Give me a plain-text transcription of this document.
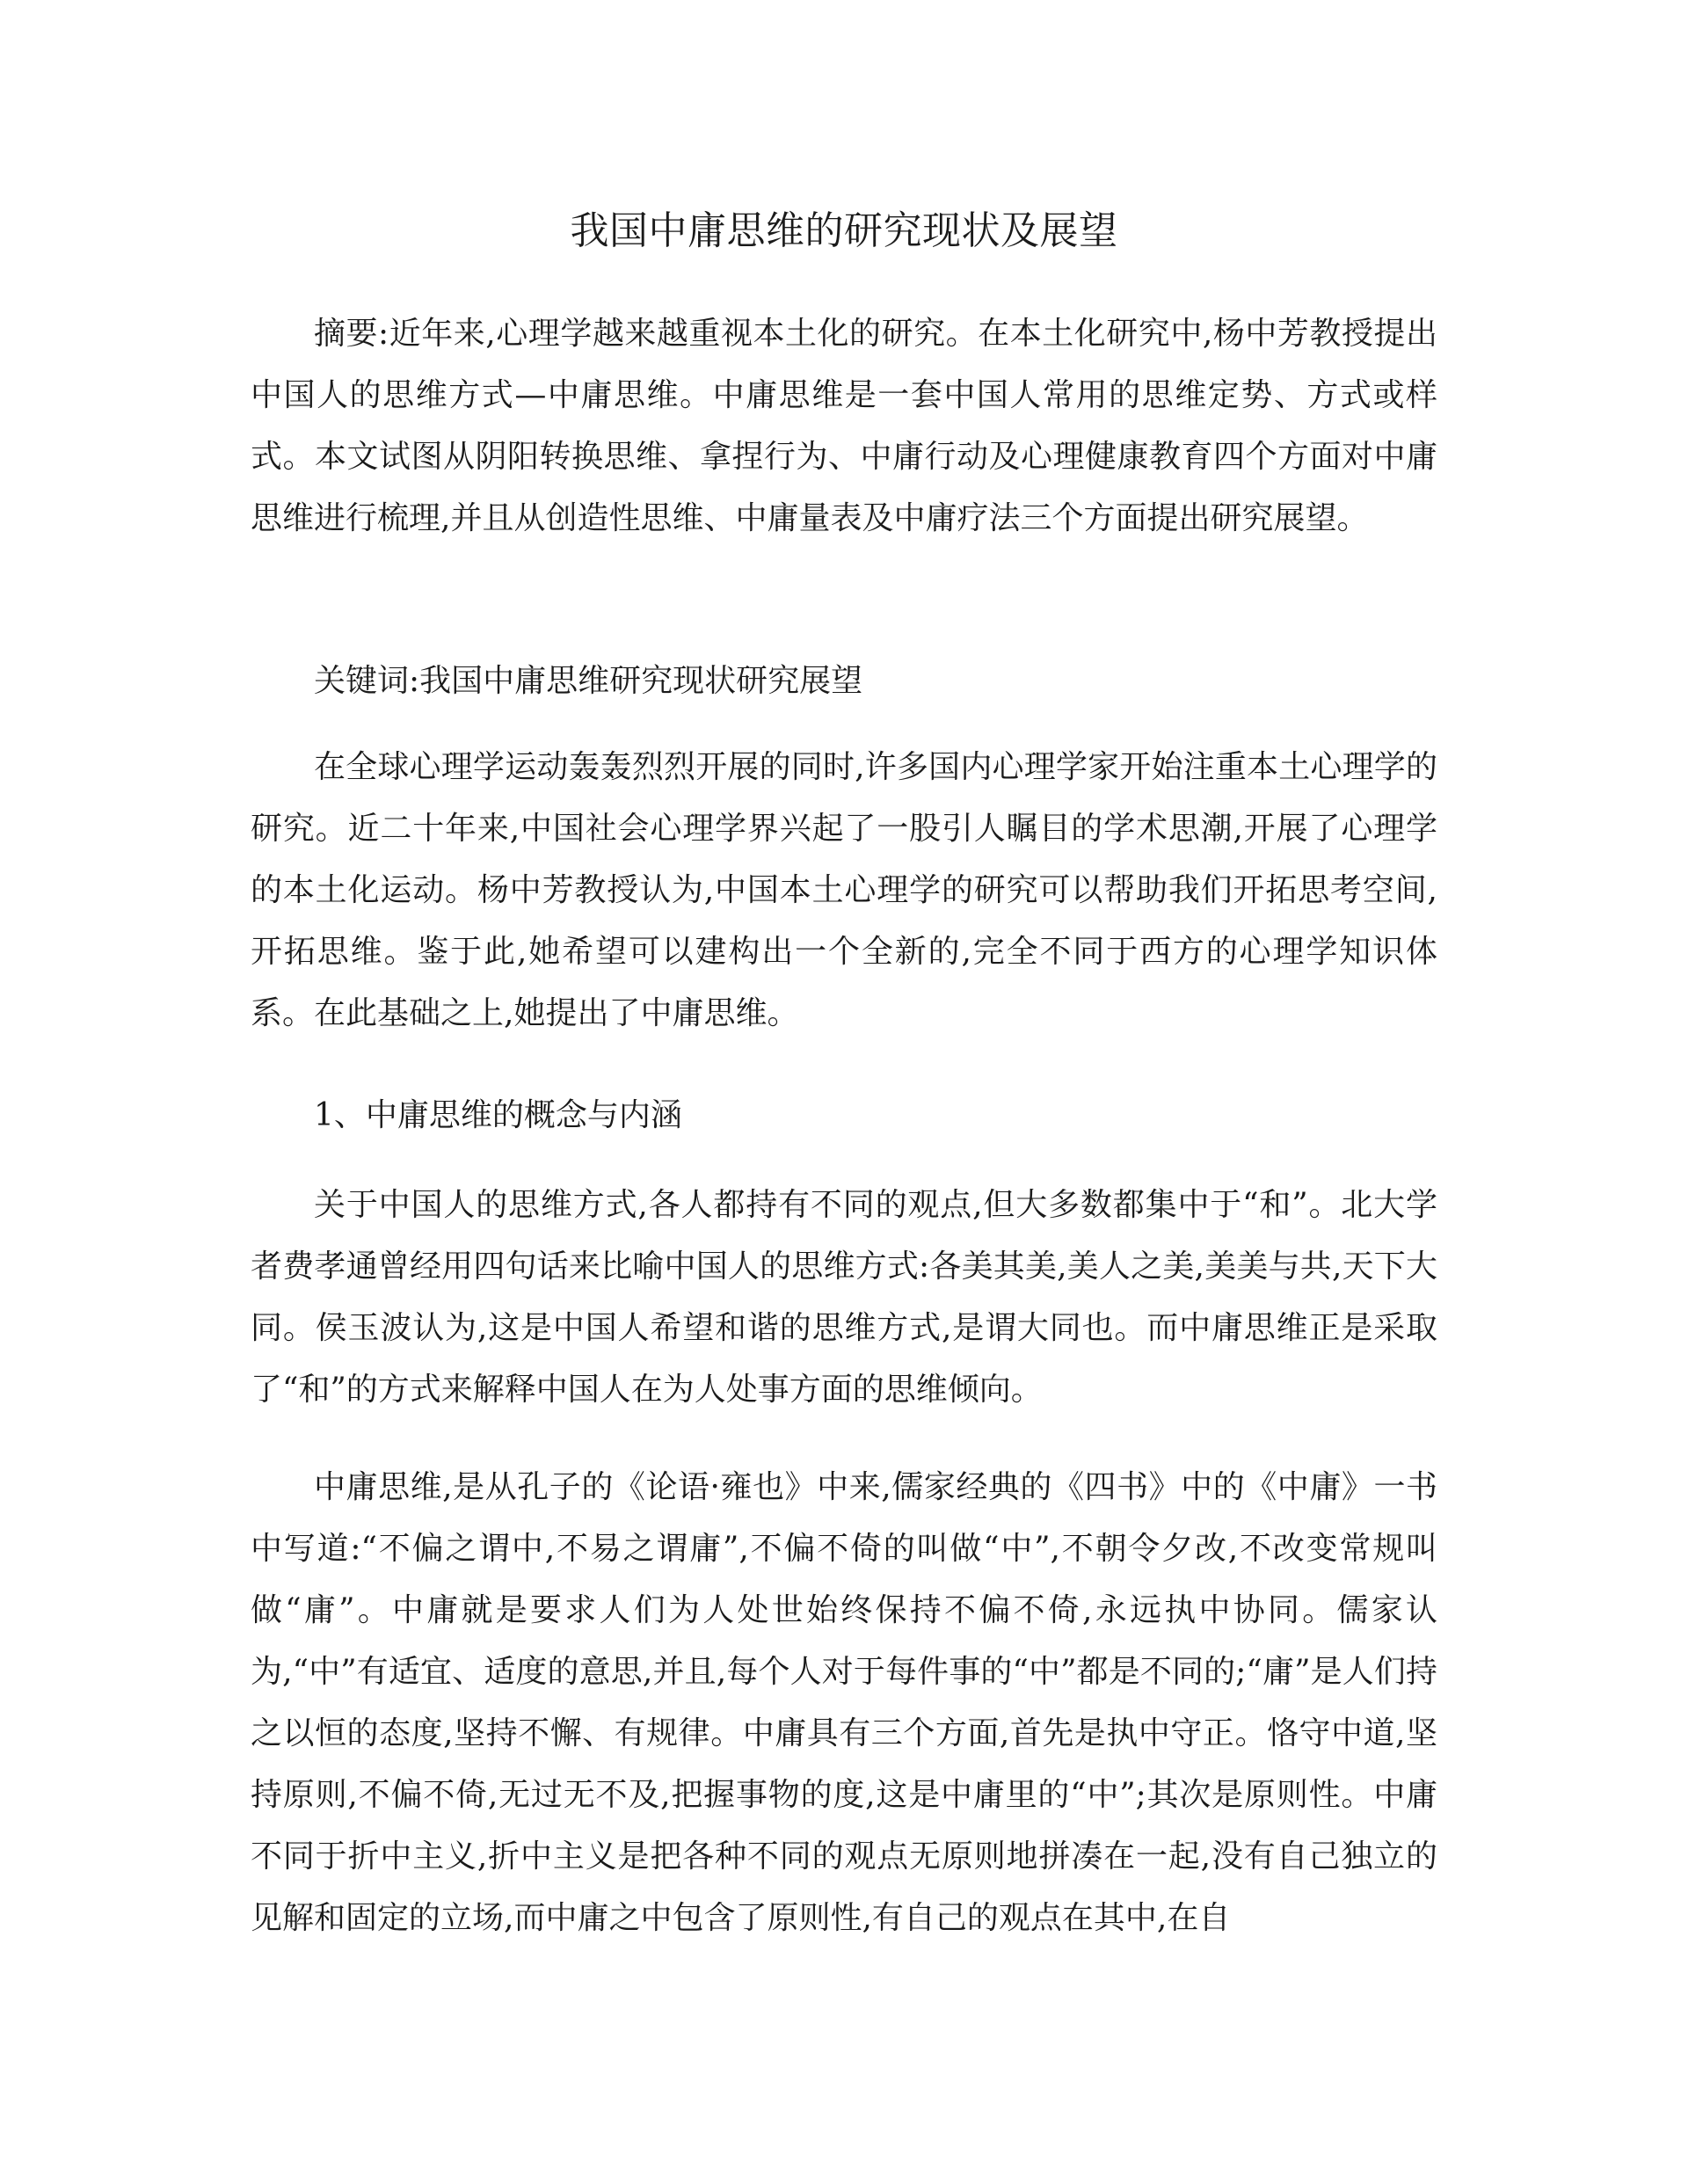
我国中庸思维的研究现状及展望

摘要:近年来,心理学越来越重视本土化的研究。在本土化研究中,杨中芳教授提出中国人的思维方式—中庸思维。中庸思维是一套中国人常用的思维定势、方式或样式。本文试图从阴阳转换思维、拿捏行为、中庸行动及心理健康教育四个方面对中庸思维进行梳理,并且从创造性思维、中庸量表及中庸疗法三个方面提出研究展望。

关键词:我国中庸思维研究现状研究展望

在全球心理学运动轰轰烈烈开展的同时,许多国内心理学家开始注重本土心理学的研究。近二十年来,中国社会心理学界兴起了一股引人瞩目的学术思潮,开展了心理学的本土化运动。杨中芳教授认为,中国本土心理学的研究可以帮助我们开拓思考空间,开拓思维。鉴于此,她希望可以建构出一个全新的,完全不同于西方的心理学知识体系。在此基础之上,她提出了中庸思维。

1、中庸思维的概念与内涵

关于中国人的思维方式,各人都持有不同的观点,但大多数都集中于“和”。北大学者费孝通曾经用四句话来比喻中国人的思维方式:各美其美,美人之美,美美与共,天下大同。侯玉波认为,这是中国人希望和谐的思维方式,是谓大同也。而中庸思维正是采取了“和”的方式来解释中国人在为人处事方面的思维倾向。

中庸思维,是从孔子的《论语·雍也》中来,儒家经典的《四书》中的《中庸》一书中写道:“不偏之谓中,不易之谓庸”,不偏不倚的叫做“中”,不朝令夕改,不改变常规叫做“庸”。中庸就是要求人们为人处世始终保持不偏不倚,永远执中协同。儒家认为,“中”有适宜、适度的意思,并且,每个人对于每件事的“中”都是不同的;“庸”是人们持之以恒的态度,坚持不懈、有规律。中庸具有三个方面,首先是执中守正。恪守中道,坚持原则,不偏不倚,无过无不及,把握事物的度,这是中庸里的“中”;其次是原则性。中庸不同于折中主义,折中主义是把各种不同的观点无原则地拼凑在一起,没有自己独立的见解和固定的立场,而中庸之中包含了原则性,有自己的观点在其中,在自
